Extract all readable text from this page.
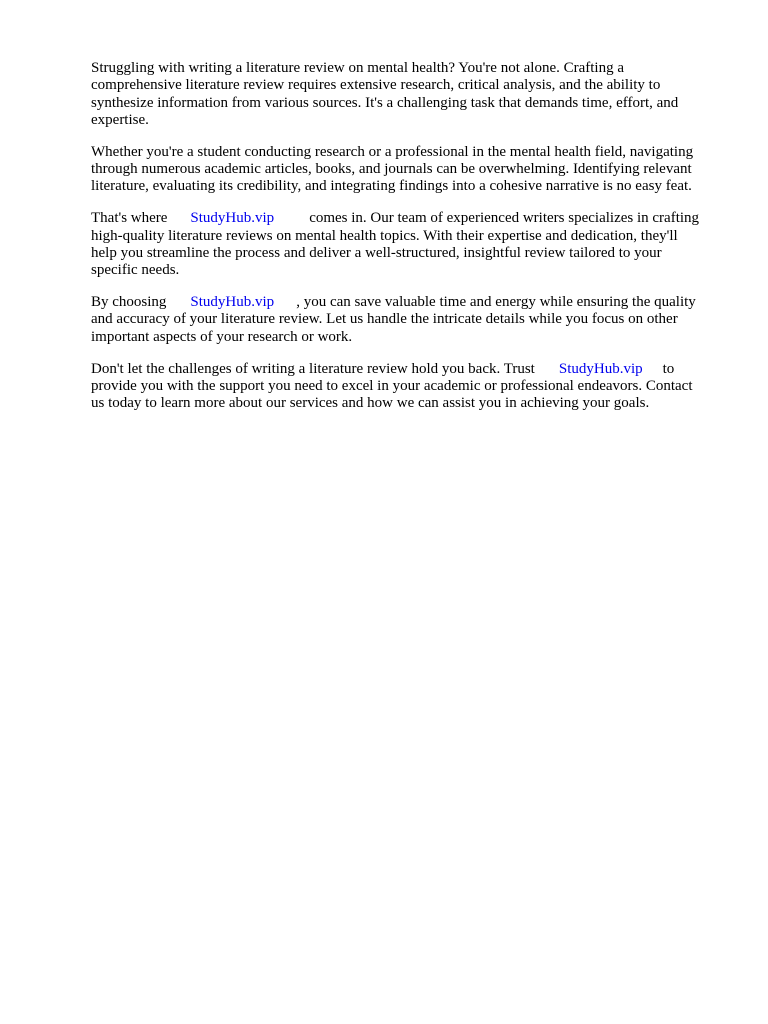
Struggling with writing a literature review on mental health? You're not alone. Crafting a
comprehensive literature review requires extensive research, critical analysis, and the ability to
synthesize information from various sources. It's a challenging task that demands time, effort, and
expertise.
Whether you're a student conducting research or a professional in the mental health field, navigating
through numerous academic articles, books, and journals can be overwhelming. Identifying relevant
literature, evaluating its credibility, and integrating findings into a cohesive narrative is no easy feat.
That's where StudyHub.vip comes in. Our team of experienced writers specializes in crafting
high-quality literature reviews on mental health topics. With their expertise and dedication, they'll
help you streamline the process and deliver a well-structured, insightful review tailored to your
specific needs.
By choosing StudyHub.vip , you can save valuable time and energy while ensuring the quality
and accuracy of your literature review. Let us handle the intricate details while you focus on other
important aspects of your research or work.
Don't let the challenges of writing a literature review hold you back. Trust StudyHub.vip to
provide you with the support you need to excel in your academic or professional endeavors. Contact
us today to learn more about our services and how we can assist you in achieving your goals.
